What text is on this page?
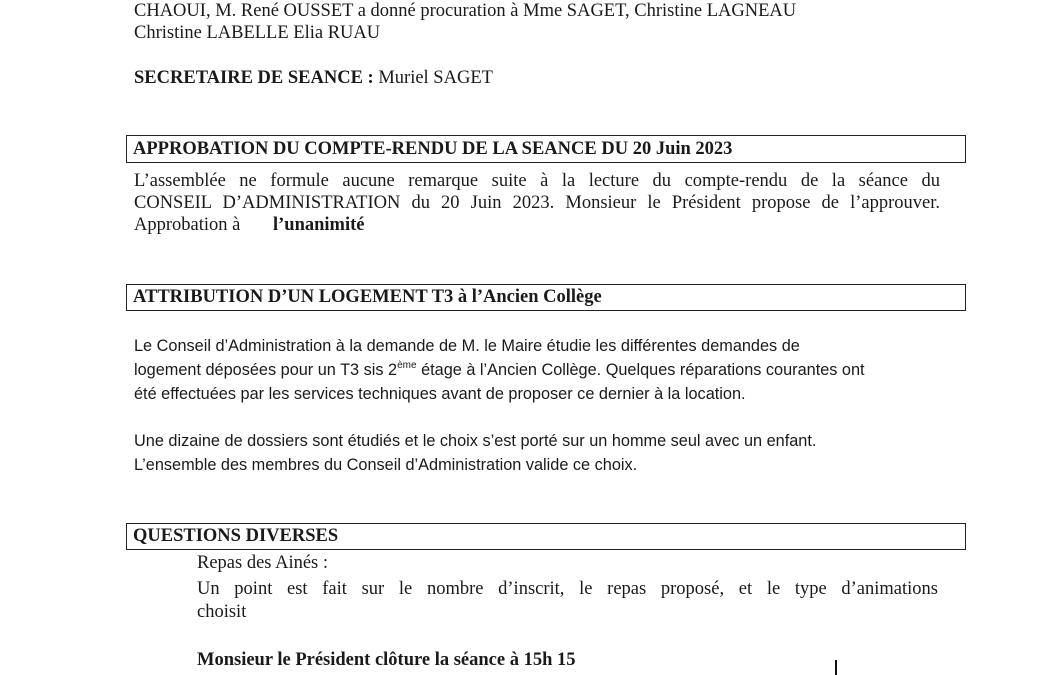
CHAOUI, M. René OUSSET a donné procuration à Mme SAGET, Christine LAGNEAU
Christine LABELLE Elia RUAU
SECRETAIRE DE SEANCE : Muriel SAGET
APPROBATION DU COMPTE-RENDU DE LA SEANCE DU 20 Juin 2023
L’assemblée ne formule aucune remarque suite à la lecture du compte-rendu de la séance du
CONSEIL D’ADMINISTRATION du 20 Juin 2023. Monsieur le Président propose de l’approuver.
Approbation à l’unanimité
ATTRIBUTION D’UN LOGEMENT T3 à l’Ancien Collège
Le Conseil d’Administration à la demande de M. le Maire étudie les différentes demandes de
logement déposées pour un T3 sis 2ème étage à l’Ancien Collège. Quelques réparations courantes ont
été effectuées par les services techniques avant de proposer ce dernier à la location.
Une dizaine de dossiers sont étudiés et le choix s’est porté sur un homme seul avec un enfant.
L’ensemble des membres du Conseil d’Administration valide ce choix.
QUESTIONS DIVERSES
Repas des Ainés :
Un point est fait sur le nombre d’inscrit, le repas proposé, et le type d’animations
choisit
Monsieur le Président clôture la séance à 15h 15
